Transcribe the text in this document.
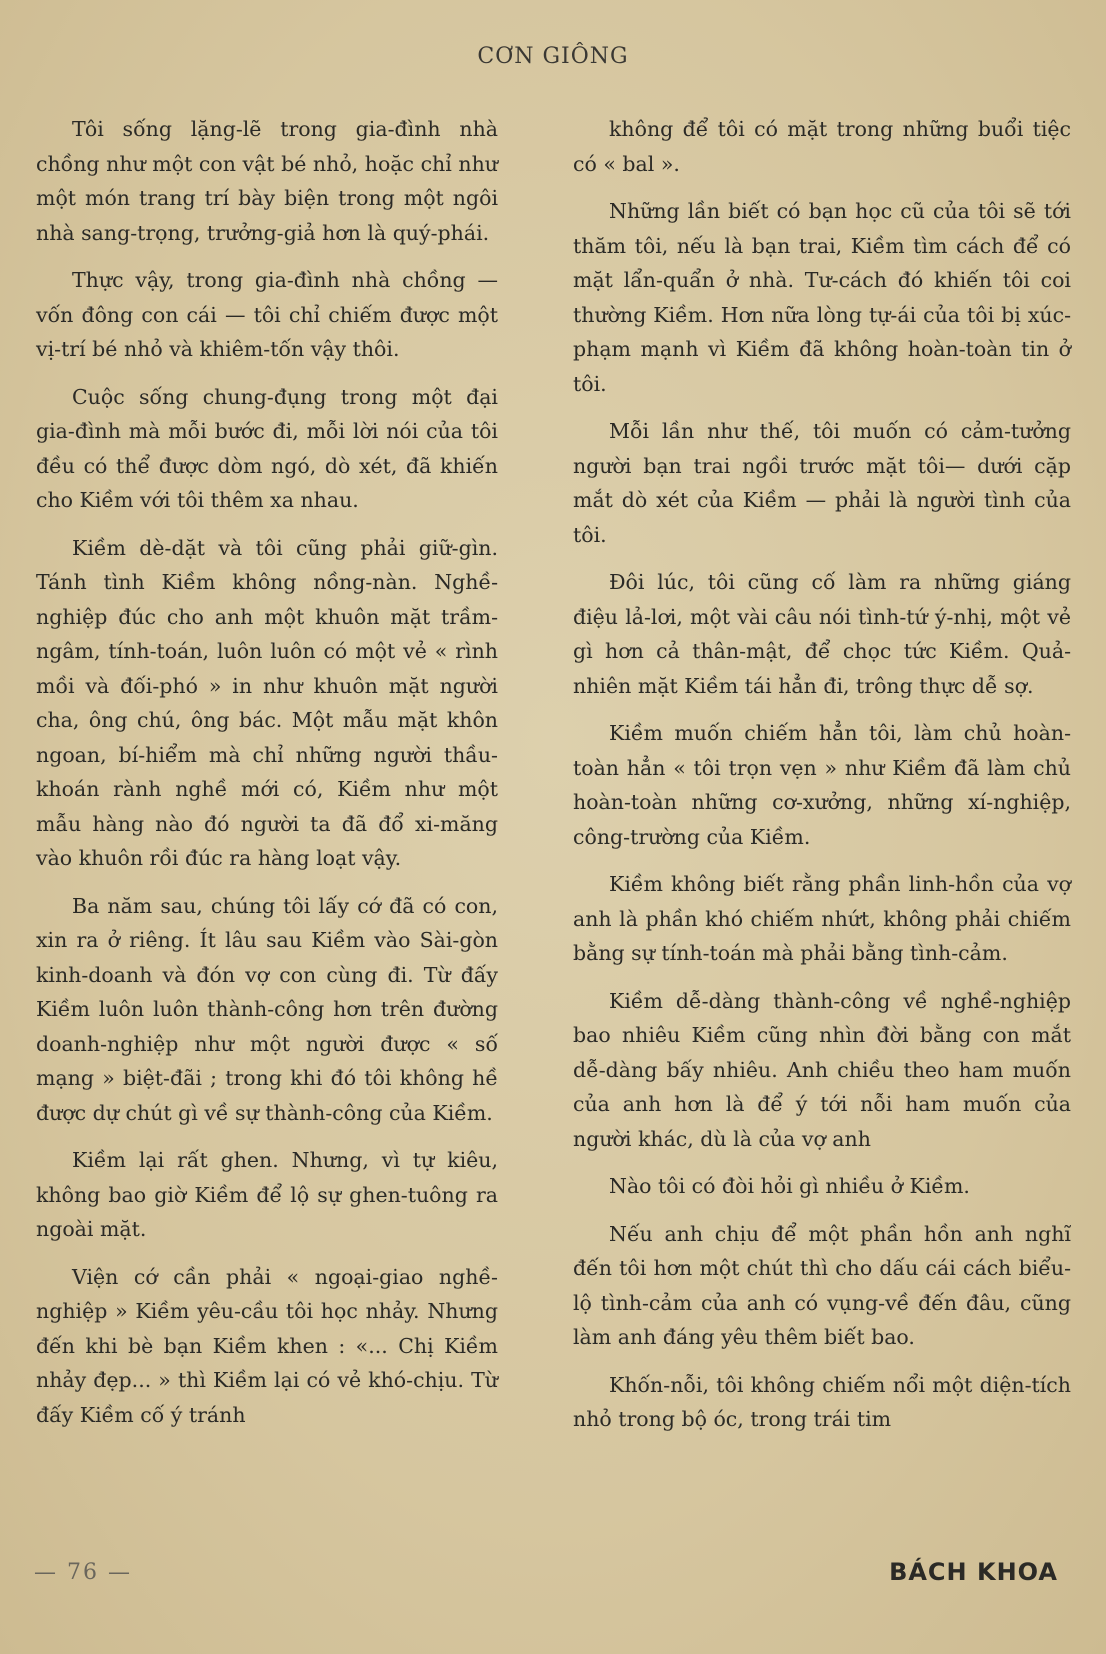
CƠN GIÔNG

Tôi sống lặng-lẽ trong gia-đình nhà chồng như một con vật bé nhỏ, hoặc chỉ như một món trang trí bày biện trong một ngôi nhà sang-trọng, trưởng-giả hơn là quý-phái.

Thực vậy, trong gia-đình nhà chồng — vốn đông con cái — tôi chỉ chiếm được một vị-trí bé nhỏ và khiêm-tốn vậy thôi.

Cuộc sống chung-đụng trong một đại gia-đình mà mỗi bước đi, mỗi lời nói của tôi đều có thể được dòm ngó, dò xét, đã khiến cho Kiềm với tôi thêm xa nhau.

Kiềm dè-dặt và tôi cũng phải giữ-gìn. Tánh tình Kiềm không nồng-nàn. Nghề-nghiệp đúc cho anh một khuôn mặt trầm-ngâm, tính-toán, luôn luôn có một vẻ « rình mồi và đối-phó » in như khuôn mặt người cha, ông chú, ông bác. Một mẫu mặt khôn ngoan, bí-hiểm mà chỉ những người thầu-khoán rành nghề mới có, Kiềm như một mẫu hàng nào đó người ta đã đổ xi-măng vào khuôn rồi đúc ra hàng loạt vậy.

Ba năm sau, chúng tôi lấy cớ đã có con, xin ra ở riêng. Ít lâu sau Kiềm vào Sài-gòn kinh-doanh và đón vợ con cùng đi. Từ đấy Kiềm luôn luôn thành-công hơn trên đường doanh-nghiệp như một người được « số mạng » biệt-đãi ; trong khi đó tôi không hề được dự chút gì về sự thành-công của Kiềm.

Kiềm lại rất ghen. Nhưng, vì tự kiêu, không bao giờ Kiềm để lộ sự ghen-tuông ra ngoài mặt.

Viện cớ cần phải « ngoại-giao nghề-nghiệp » Kiềm yêu-cầu tôi học nhảy. Nhưng đến khi bè bạn Kiềm khen : «... Chị Kiềm nhảy đẹp... » thì Kiềm lại có vẻ khó-chịu. Từ đấy Kiềm cố ý tránh

không để tôi có mặt trong những buổi tiệc có « bal ».

Những lần biết có bạn học cũ của tôi sẽ tới thăm tôi, nếu là bạn trai, Kiềm tìm cách để có mặt lẩn-quẩn ở nhà. Tư-cách đó khiến tôi coi thường Kiềm. Hơn nữa lòng tự-ái của tôi bị xúc-phạm mạnh vì Kiềm đã không hoàn-toàn tin ở tôi.

Mỗi lần như thế, tôi muốn có cảm-tưởng người bạn trai ngồi trước mặt tôi— dưới cặp mắt dò xét của Kiềm — phải là người tình của tôi.

Đôi lúc, tôi cũng cố làm ra những giáng điệu lả-lơi, một vài câu nói tình-tứ ý-nhị, một vẻ gì hơn cả thân-mật, để chọc tức Kiềm. Quả-nhiên mặt Kiềm tái hẳn đi, trông thực dễ sợ.

Kiềm muốn chiếm hẳn tôi, làm chủ hoàn-toàn hẳn « tôi trọn vẹn » như Kiềm đã làm chủ hoàn-toàn những cơ-xưởng, những xí-nghiệp, công-trường của Kiềm.

Kiềm không biết rằng phần linh-hồn của vợ anh là phần khó chiếm nhứt, không phải chiếm bằng sự tính-toán mà phải bằng tình-cảm.

Kiềm dễ-dàng thành-công về nghề-nghiệp bao nhiêu Kiềm cũng nhìn đời bằng con mắt dễ-dàng bấy nhiêu. Anh chiều theo ham muốn của anh hơn là để ý tới nỗi ham muốn của người khác, dù là của vợ anh

Nào tôi có đòi hỏi gì nhiều ở Kiềm.

Nếu anh chịu để một phần hồn anh nghĩ đến tôi hơn một chút thì cho dấu cái cách biểu-lộ tình-cảm của anh có vụng-về đến đâu, cũng làm anh đáng yêu thêm biết bao.

Khốn-nỗi, tôi không chiếm nổi một diện-tích nhỏ trong bộ óc, trong trái tim

— 76 —	BÁCH KHOA
